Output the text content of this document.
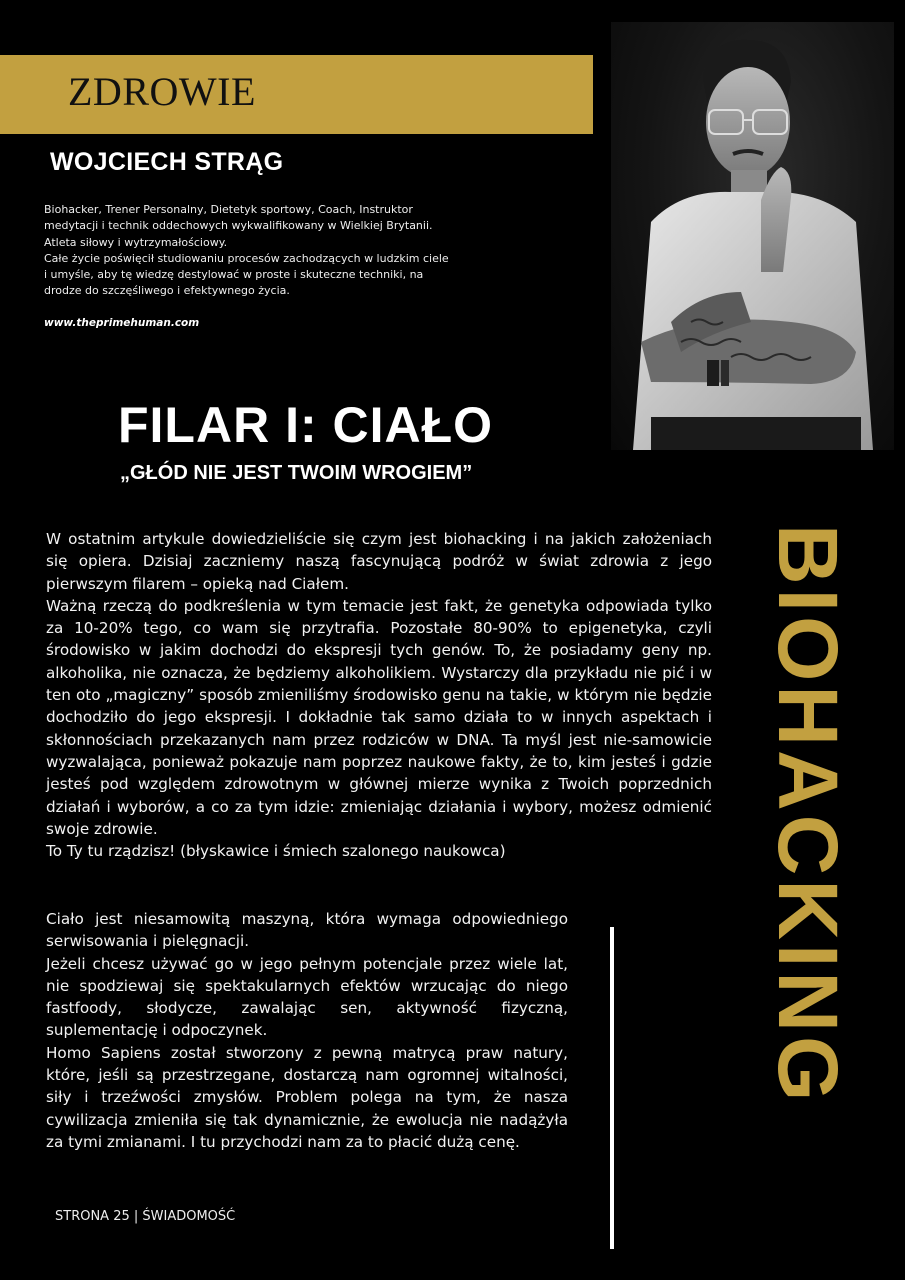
ZDROWIE
WOJCIECH STRĄG
Biohacker, Trener Personalny, Dietetyk sportowy, Coach, Instruktor
medytacji i technik oddechowych wykwalifikowany w Wielkiej Brytanii.
Atleta siłowy i wytrzymałościowy.
Całe życie poświęcił studiowaniu procesów zachodzących w ludzkim ciele
i umyśle, aby tę wiedzę destylować w proste i skuteczne techniki, na
drodze do szczęśliwego i efektywnego życia.
www.theprimehuman.com
FILAR I: CIAŁO
„GŁÓD NIE JEST TWOIM WROGIEM”
BIOHACKING

W ostatnim artykule dowiedzieliście się czym jest biohacking i na jakich założeniach się opiera. Dzisiaj zaczniemy naszą fascynującą podróż w świat zdrowia z jego pierwszym filarem – opieką nad Ciałem.

Ważną rzeczą do podkreślenia w tym temacie jest fakt, że genetyka odpowiada tylko za 10-20% tego, co wam się przytrafia. Pozostałe 80-90% to epigenetyka, czyli środowisko w jakim dochodzi do ekspresji tych genów. To, że posiadamy geny np. alkoholika, nie oznacza, że będziemy alkoholikiem. Wystarczy dla przykładu nie pić i w ten oto „magiczny” sposób zmieniliśmy środowisko genu na takie, w którym nie będzie dochodziło do jego ekspresji. I dokładnie tak samo działa to w innych aspektach i skłonnościach przekazanych nam przez rodziców w DNA. Ta myśl jest nie-samowicie wyzwalająca, ponieważ pokazuje nam poprzez naukowe fakty, że to, kim jesteś i gdzie jesteś pod względem zdrowotnym w głównej mierze wynika z Twoich poprzednich działań i wyborów, a co za tym idzie: zmieniając działania i wybory, możesz odmienić swoje zdrowie.

To Ty tu rządzisz! (błyskawice i śmiech szalonego naukowca)

Ciało jest niesamowitą maszyną, która wymaga odpowiedniego serwisowania i pielęgnacji.

Jeżeli chcesz używać go w jego pełnym potencjale przez wiele lat, nie spodziewaj się spektakularnych efektów wrzucając do niego fastfoody, słodycze, zawalając sen, aktywność fizyczną, suplementację i odpoczynek.

Homo Sapiens został stworzony z pewną matrycą praw natury, które, jeśli są przestrzegane, dostarczą nam ogromnej witalności, siły i trzeźwości zmysłów. Problem polega na tym, że nasza cywilizacja zmieniła się tak dynamicznie, że ewolucja nie nadążyła za tymi zmianami. I tu przychodzi nam za to płacić dużą cenę.

STRONA 25 | ŚWIADOMOŚĆ
